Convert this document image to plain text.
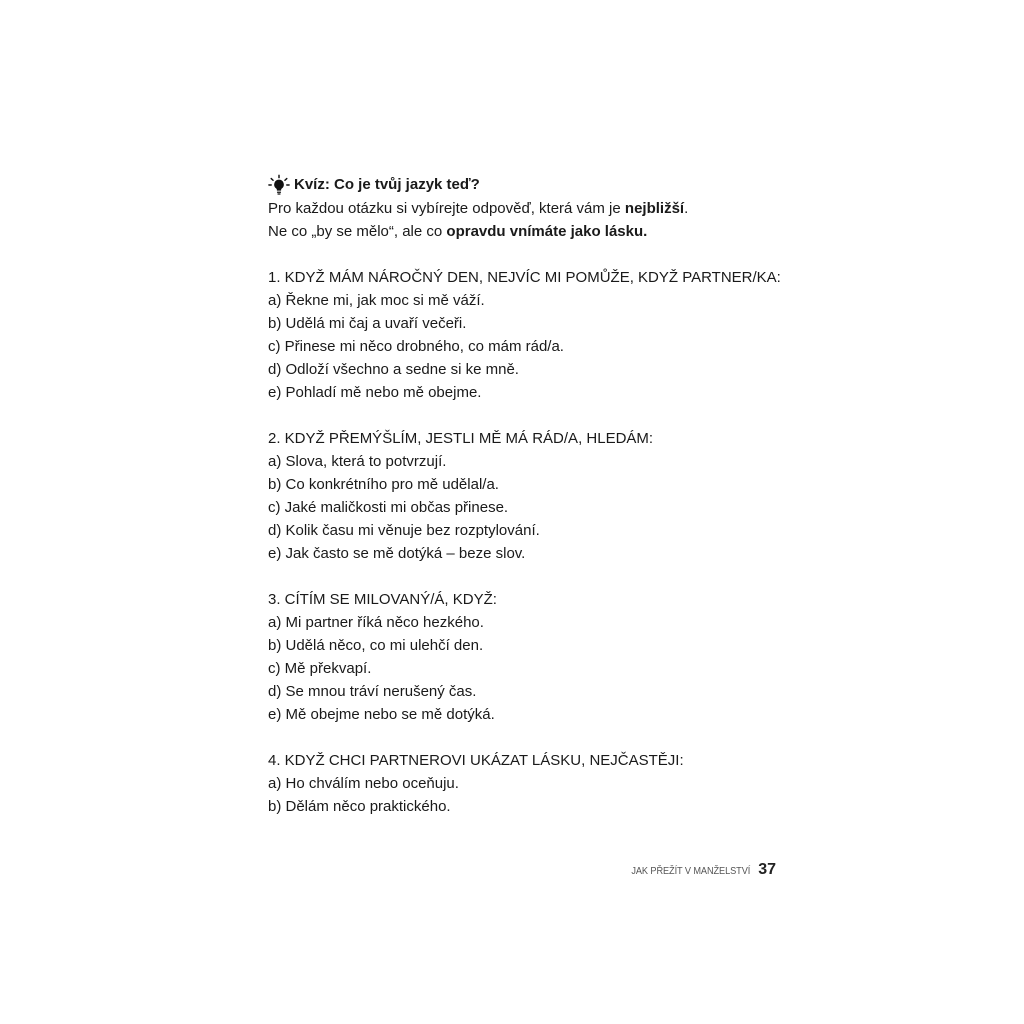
Kvíz: Co je tvůj jazyk teď?
Pro každou otázku si vybírejte odpověď, která vám je nejbližší.
Ne co „by se mělo“, ale co opravdu vnímáte jako lásku.
1. KDYŽ MÁM NÁROČNÝ DEN, NEJVÍC MI POMŮŽE, KDYŽ PARTNER/KA:
a) Řekne mi, jak moc si mě váží.
b) Udělá mi čaj a uvaří večeři.
c) Přinese mi něco drobného, co mám rád/a.
d) Odloží všechno a sedne si ke mně.
e) Pohladí mě nebo mě obejme.
2. KDYŽ PŘEMÝŠLÍM, JESTLI MĚ MÁ RÁD/A, HLEDÁM:
a) Slova, která to potvrzují.
b) Co konkrétního pro mě udělal/a.
c) Jaké maličkosti mi občas přinese.
d) Kolik času mi věnuje bez rozptylování.
e) Jak často se mě dotýká – beze slov.
3. CÍTÍM SE MILOVANÝ/Á, KDYŽ:
a) Mi partner říká něco hezkého.
b) Udělá něco, co mi ulehčí den.
c) Mě překvapí.
d) Se mnou tráví nerušený čas.
e) Mě obejme nebo se mě dotýká.
4. KDYŽ CHCI PARTNEROVI UKÁZAT LÁSKU, NEJČASTĚJI:
a) Ho chválím nebo oceňuju.
b) Dělám něco praktického.
JAK PŘEŽÍT V MANŽELSTVÍ 37
